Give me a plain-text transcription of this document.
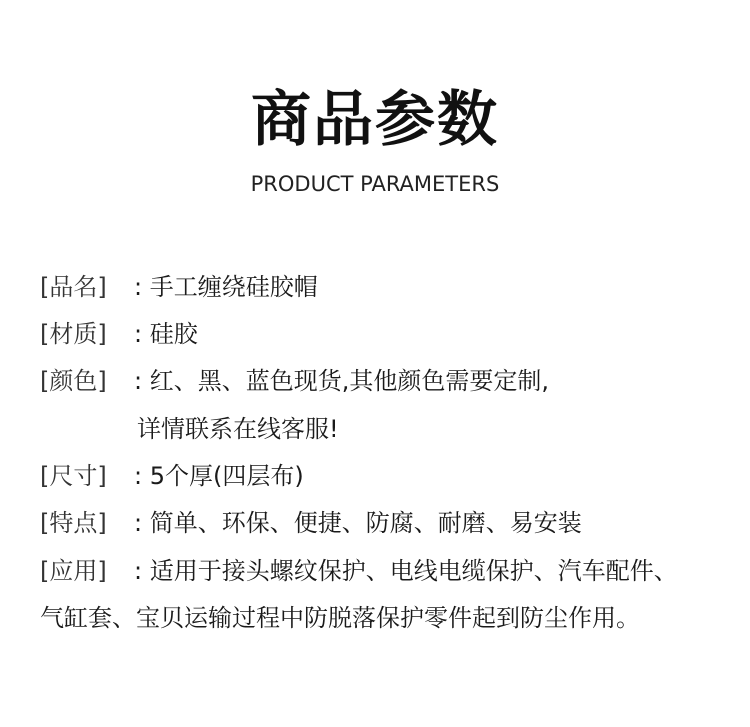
商品参数
PRODUCT PARAMETERS
[品名] : 手工缠绕硅胶帽
[材质] : 硅胶
[颜色] : 红、黑、蓝色现货,其他颜色需要定制,
详情联系在线客服!
[尺寸] : 5个厚(四层布)
[特点] : 简单、环保、便捷、防腐、耐磨、易安装
[应用] : 适用于接头螺纹保护、电线电缆保护、汽车配件、
气缸套、宝贝运输过程中防脱落保护零件起到防尘作用。
